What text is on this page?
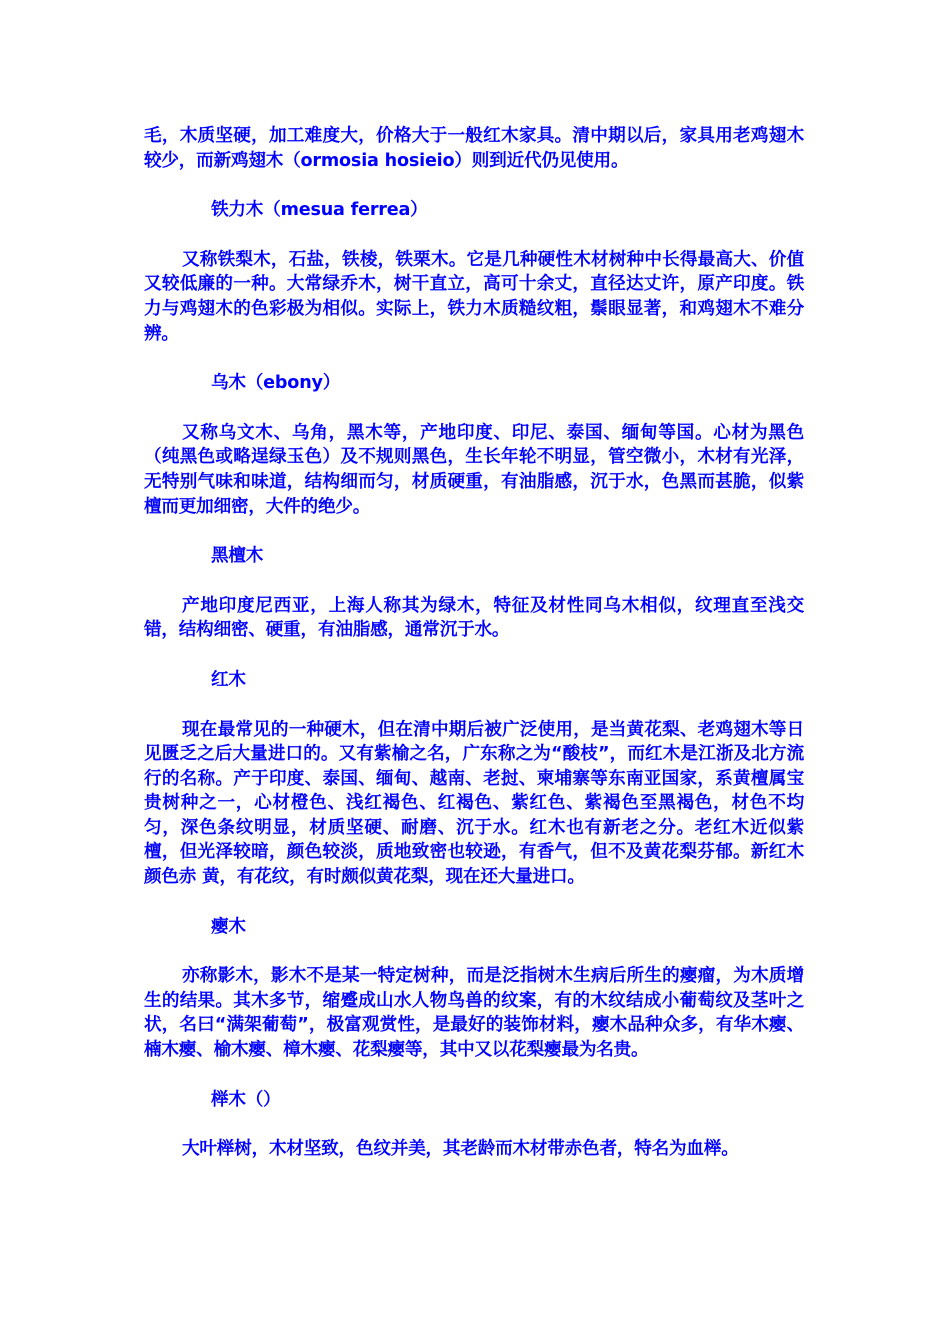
毛，木质坚硬，加工难度大，价格大于一般红木家具。清中期以后，家具用老鸡翅木较少，而新鸡翅木（ormosia hosieio）则到近代仍见使用。

铁力木（mesua ferrea）

又称铁梨木，石盐，铁棱，铁栗木。它是几种硬性木材树种中长得最高大、价值又较低廉的一种。大常绿乔木，树干直立，高可十余丈，直径达丈许，原产印度。铁力与鸡翅木的色彩极为相似。实际上，铁力木质糙纹粗，鬃眼显著，和鸡翅木不难分辨。

乌木（ebony）

又称乌文木、乌角，黑木等，产地印度、印尼、泰国、缅甸等国。心材为黑色（纯黑色或略逞绿玉色）及不规则黑色，生长年轮不明显，管空微小，木材有光泽，无特别气味和味道，结构细而匀，材质硬重，有油脂感，沉于水，色黑而甚脆，似紫檀而更加细密，大件的绝少。

黑檀木

产地印度尼西亚，上海人称其为绿木，特征及材性同乌木相似，纹理直至浅交错，结构细密、硬重，有油脂感，通常沉于水。

红木

现在最常见的一种硬木，但在清中期后被广泛使用，是当黄花梨、老鸡翅木等日见匮乏之后大量进口的。又有紫榆之名，广东称之为“酸枝”，而红木是江浙及北方流行的名称。产于印度、泰国、缅甸、越南、老挝、柬埔寨等东南亚国家，系黄檀属宝贵树种之一，心材橙色、浅红褐色、红褐色、紫红色、紫褐色至黑褐色，材色不均匀，深色条纹明显，材质坚硬、耐磨、沉于水。红木也有新老之分。老红木近似紫檀，但光泽较暗，颜色较淡，质地致密也较逊，有香气，但不及黄花梨芬郁。新红木颜色赤 黄，有花纹，有时颇似黄花梨，现在还大量进口。

瘿木

亦称影木，影木不是某一特定树种，而是泛指树木生病后所生的瘿瘤，为木质增生的结果。其木多节，缩蹙成山水人物鸟兽的纹案，有的木纹结成小葡萄纹及茎叶之状，名曰“满架葡萄”，极富观赏性，是最好的装饰材料，瘿木品种众多，有华木瘿、楠木瘿、榆木瘿、樟木瘿、花梨瘿等，其中又以花梨瘿最为名贵。

榉木（）

大叶榉树，木材坚致，色纹并美，其老龄而木材带赤色者，特名为血榉。
